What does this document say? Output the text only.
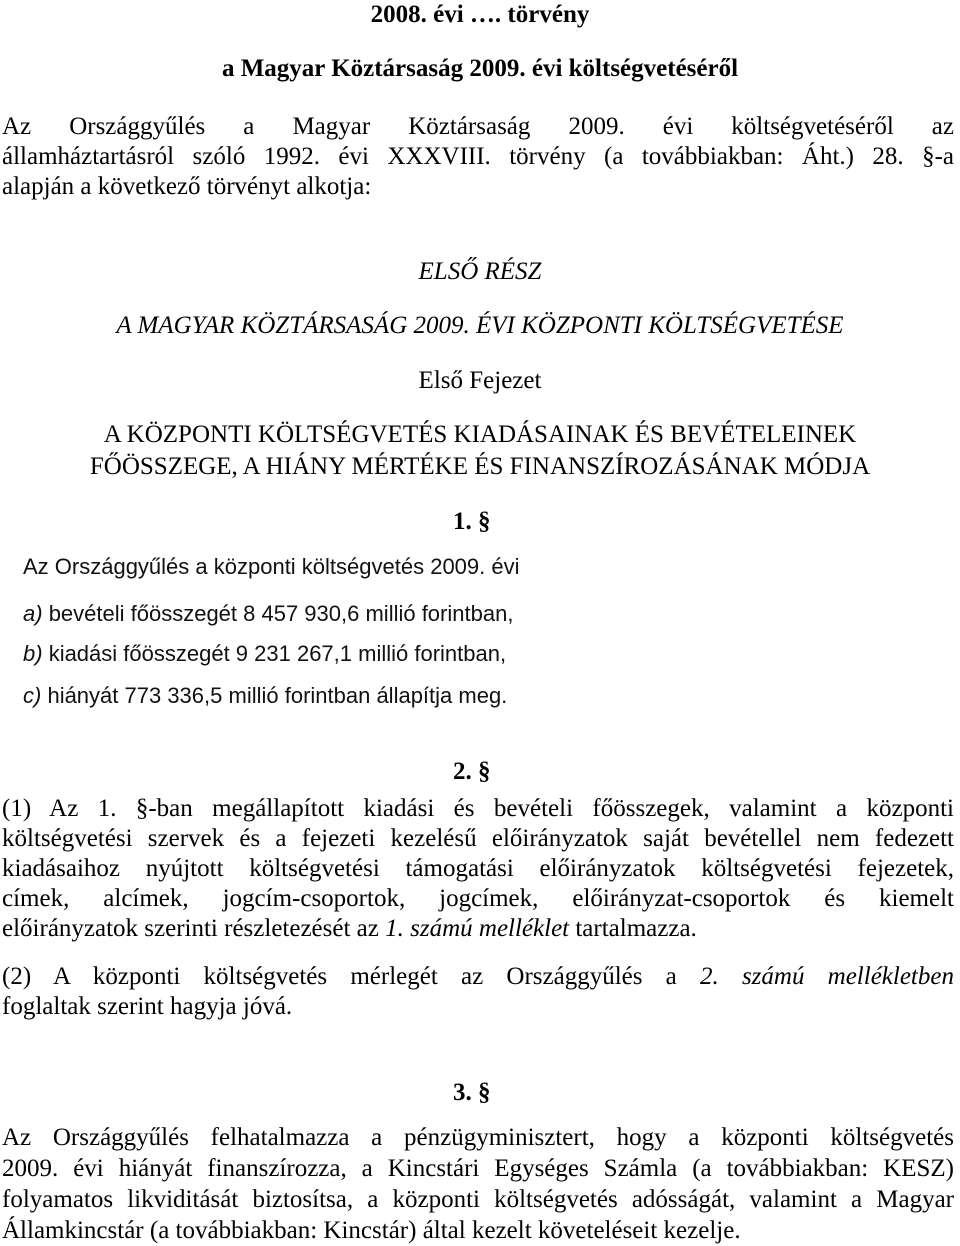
2008. évi …. törvény
a Magyar Köztársaság 2009. évi költségvetéséről
Az Országgyűlés a Magyar Köztársaság 2009. évi költségvetéséről az
államháztartásról szóló 1992. évi XXXVIII. törvény (a továbbiakban: Áht.) 28. §-a
alapján a következő törvényt alkotja:
ELSŐ RÉSZ
A MAGYAR KÖZTÁRSASÁG 2009. ÉVI KÖZPONTI KÖLTSÉGVETÉSE
Első Fejezet
A KÖZPONTI KÖLTSÉGVETÉS KIADÁSAINAK ÉS BEVÉTELEINEK
FŐÖSSZEGE, A HIÁNY MÉRTÉKE ÉS FINANSZÍROZÁSÁNAK MÓDJA
1. §
Az Országgyűlés a központi költségvetés 2009. évi
a) bevételi főösszegét 8 457 930,6 millió forintban,
b) kiadási főösszegét 9 231 267,1 millió forintban,
c) hiányát 773 336,5 millió forintban állapítja meg.
2. §
(1) Az 1. §-ban megállapított kiadási és bevételi főösszegek, valamint a központi
költségvetési szervek és a fejezeti kezelésű előirányzatok saját bevétellel nem fedezett
kiadásaihoz nyújtott költségvetési támogatási előirányzatok költségvetési fejezetek,
címek, alcímek, jogcím-csoportok, jogcímek, előirányzat-csoportok és kiemelt
előirányzatok szerinti részletezését az 1. számú melléklet tartalmazza.
(2) A központi költségvetés mérlegét az Országgyűlés a 2. számú mellékletben
foglaltak szerint hagyja jóvá.
3. §
Az Országgyűlés felhatalmazza a pénzügyminisztert, hogy a központi költségvetés
2009. évi hiányát finanszírozza, a Kincstári Egységes Számla (a továbbiakban: KESZ)
folyamatos likviditását biztosítsa, a központi költségvetés adósságát, valamint a Magyar
Államkincstár (a továbbiakban: Kincstár) által kezelt követeléseit kezelje.
